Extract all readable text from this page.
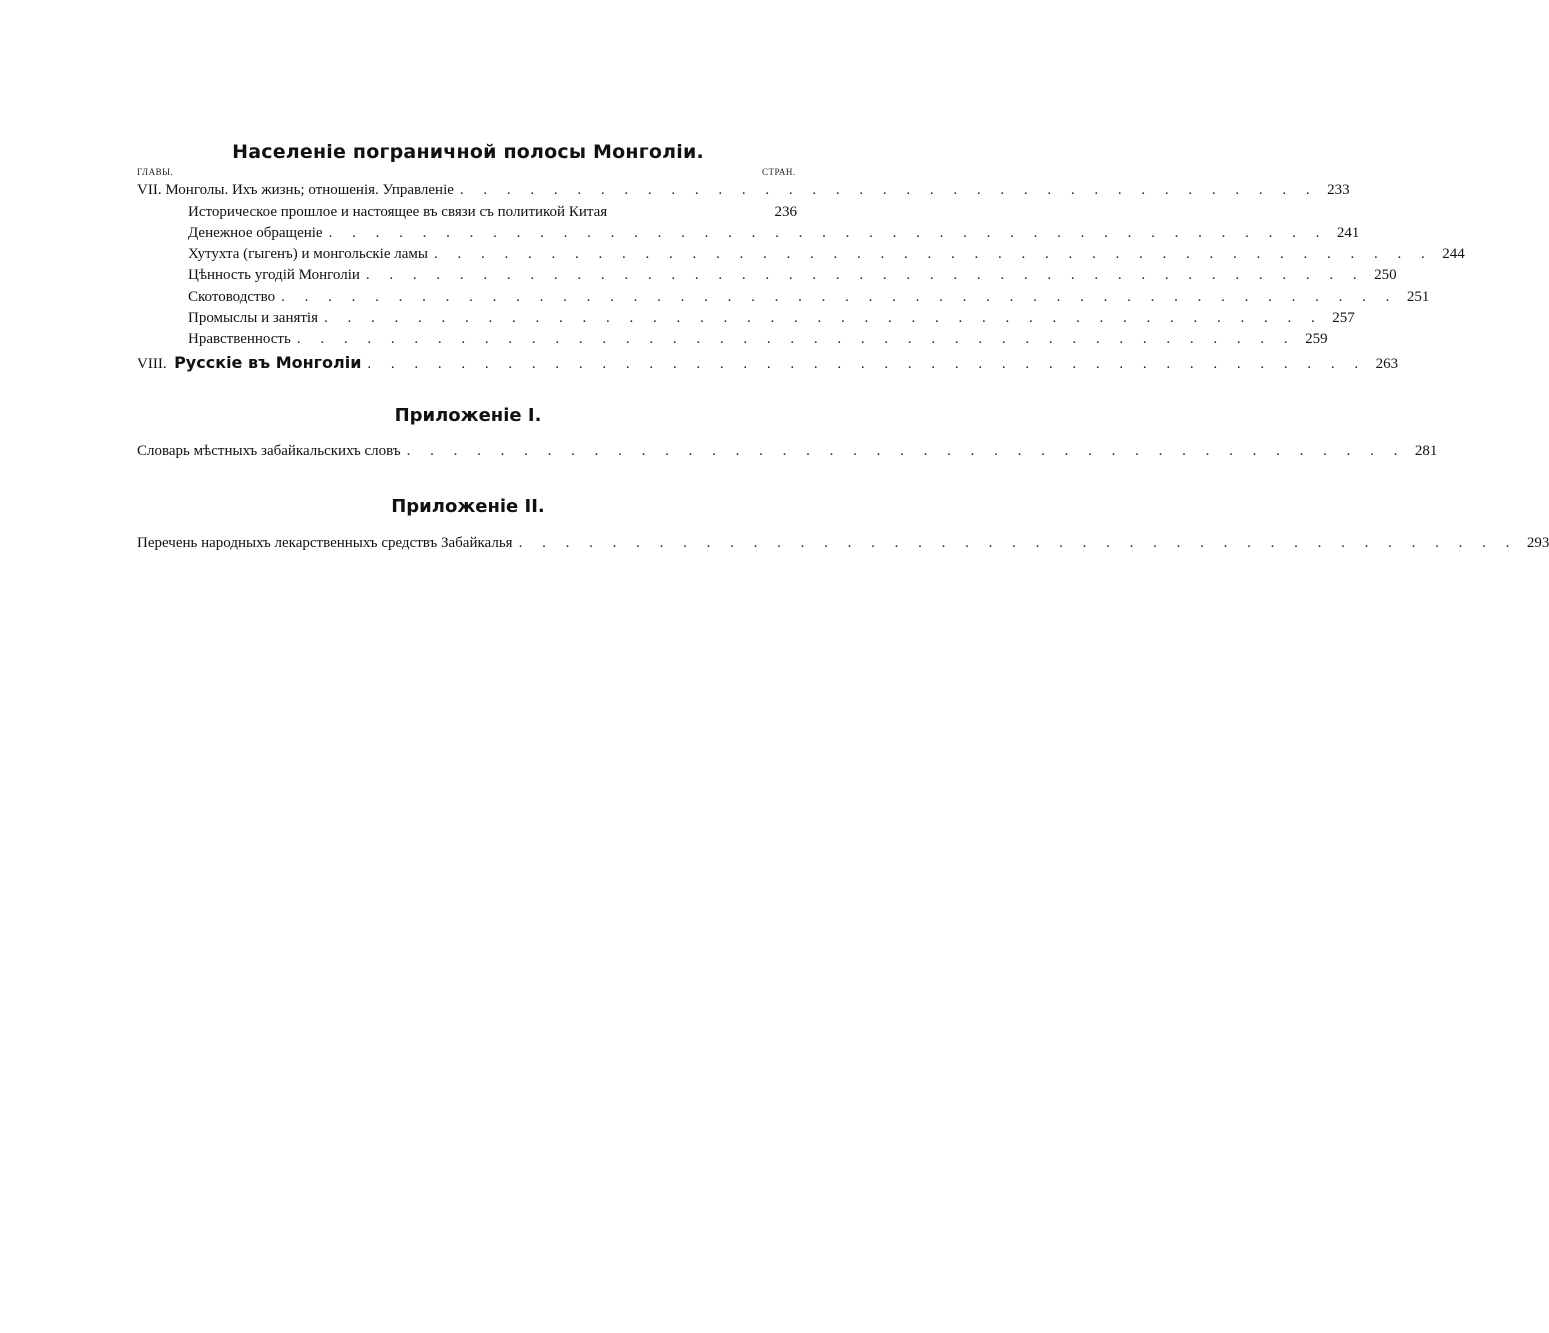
Населенiе пограничной полосы Монголiи.
ГЛАВЫ.	СТРАН.
VII. Монголы. Ихъ жизнь; отношенiя. Управленiе . . . . . . . . . . . . . . . . . . . . . . . . . . . . . . . . . . . . . 233
Историческое прошлое и настоящее въ связи съ политикой Китая	236
Денежное обращенiе . . . . . . . . . . . . . . . . . . . . . . . . . . . . . . . . . . . . . . . . . . . 241
Хутухта (гыгенъ) и монгольскiе ламы . . . . . . . . . . . . . . . . . . . . . . . . . . . . . . . . . . . . . . . . . . . 244
Цѣнность угодiй Монголiи . . . . . . . . . . . . . . . . . . . . . . . . . . . . . . . . . . . . . . . . . . . 250
Скотоводство . . . . . . . . . . . . . . . . . . . . . . . . . . . . . . . . . . . . . . . . . . . . . . . . 251
Промыслы и занятiя . . . . . . . . . . . . . . . . . . . . . . . . . . . . . . . . . . . . . . . . . . . 257
Нравственность . . . . . . . . . . . . . . . . . . . . . . . . . . . . . . . . . . . . . . . . . . . 259
VIII. Русскiе въ Монголiи . . . . . . . . . . . . . . . . . . . . . . . . . . . . . . . . . . . . . . . . . . . 263
Приложенiе I.
Словарь мѣстныхъ забайкальскихъ словъ . . . . . . . . . . . . . . . . . . . . . . . . . . . . . . . . . . . . . . . . . . . 281
Приложенiе II.
Перечень народныхъ лекарственныхъ средствъ Забайкалья . . . . . . . . . . . . . . . . . . . . . . . . . . . . . . . . . . . . . . . . . . . 293
